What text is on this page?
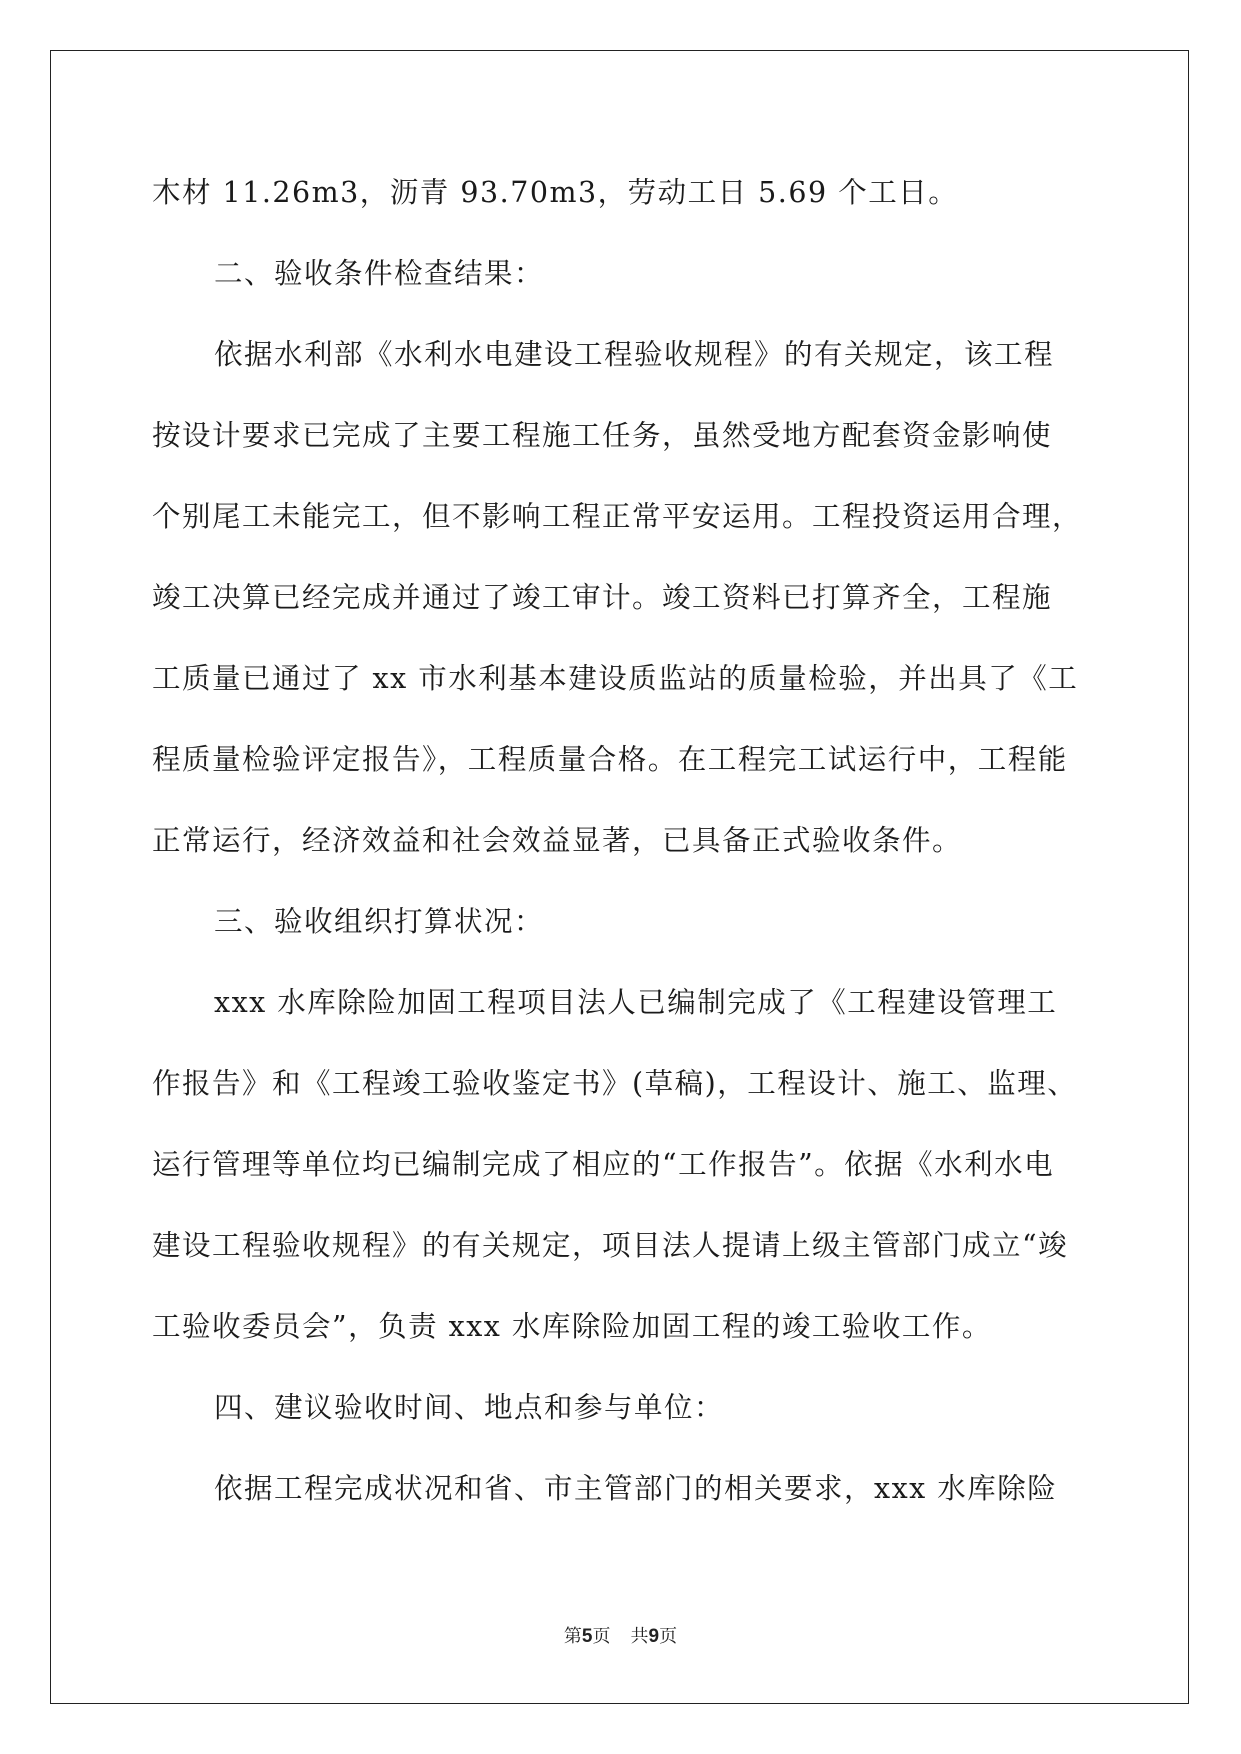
木材 11.26m3，沥青 93.70m3，劳动工日 5.69 个工日。
二、验收条件检查结果：
依据水利部《水利水电建设工程验收规程》的有关规定，该工程
按设计要求已完成了主要工程施工任务，虽然受地方配套资金影响使
个别尾工未能完工，但不影响工程正常平安运用。工程投资运用合理，
竣工决算已经完成并通过了竣工审计。竣工资料已打算齐全，工程施
工质量已通过了 xx 市水利基本建设质监站的质量检验，并出具了《工
程质量检验评定报告》，工程质量合格。在工程完工试运行中，工程能
正常运行，经济效益和社会效益显著，已具备正式验收条件。
三、验收组织打算状况：
xxx 水库除险加固工程项目法人已编制完成了《工程建设管理工
作报告》和《工程竣工验收鉴定书》(草稿)，工程设计、施工、监理、
运行管理等单位均已编制完成了相应的“工作报告”。依据《水利水电
建设工程验收规程》的有关规定，项目法人提请上级主管部门成立“竣
工验收委员会”，负责 xxx 水库除险加固工程的竣工验收工作。
四、建议验收时间、地点和参与单位：
依据工程完成状况和省、市主管部门的相关要求，xxx 水库除险
第5页 共9页
